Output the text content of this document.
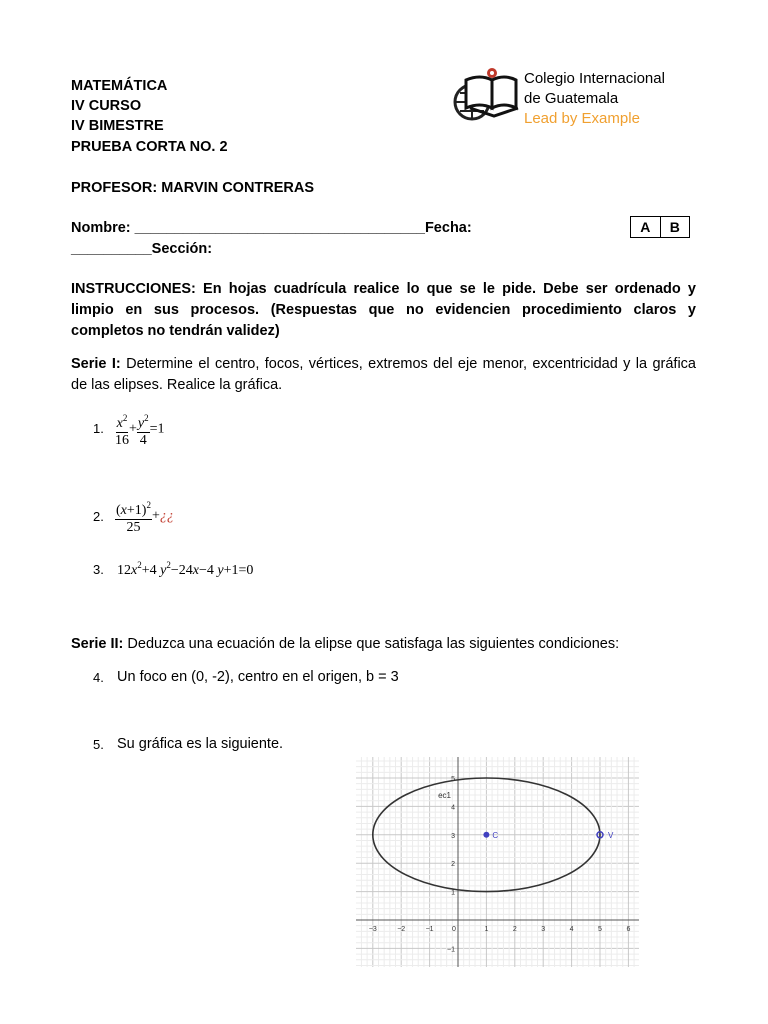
MATEMÁTICA
IV CURSO
IV BIMESTRE
PRUEBA CORTA NO. 2
PROFESOR: MARVIN CONTRERAS
Nombre: ____________________________________Fecha:
__________Sección:
A	B
Colegio Internacional
de Guatemala
Lead by Example
INSTRUCCIONES: En hojas cuadrícula realice lo que se le pide. Debe ser ordenado y limpio en sus procesos. (Respuestas que no evidencien procedimiento claros y completos no tendrán validez)
Serie I: Determine el centro, focos, vértices, extremos del eje menor, excentricidad y la gráfica de las elipses. Realice la gráfica.
1. $\frac{x^2}{16} + \frac{y^2}{4} =1$
2. $\frac{(x+1)^2}{25}$ +¿¿
3. $12x^2+4$ $y^2-24x-4$ y+1=0
Serie II: Deduzca una ecuación de la elipse que satisfaga las siguientes condiciones:
4. Un foco en (0, -2), centro en el origen, b = 3
5. Su gráfica es la siguiente.
−3	−2	−1	0	1	2	3	4	5	6
5
4
3
2
1
−1
ec1
C	V
